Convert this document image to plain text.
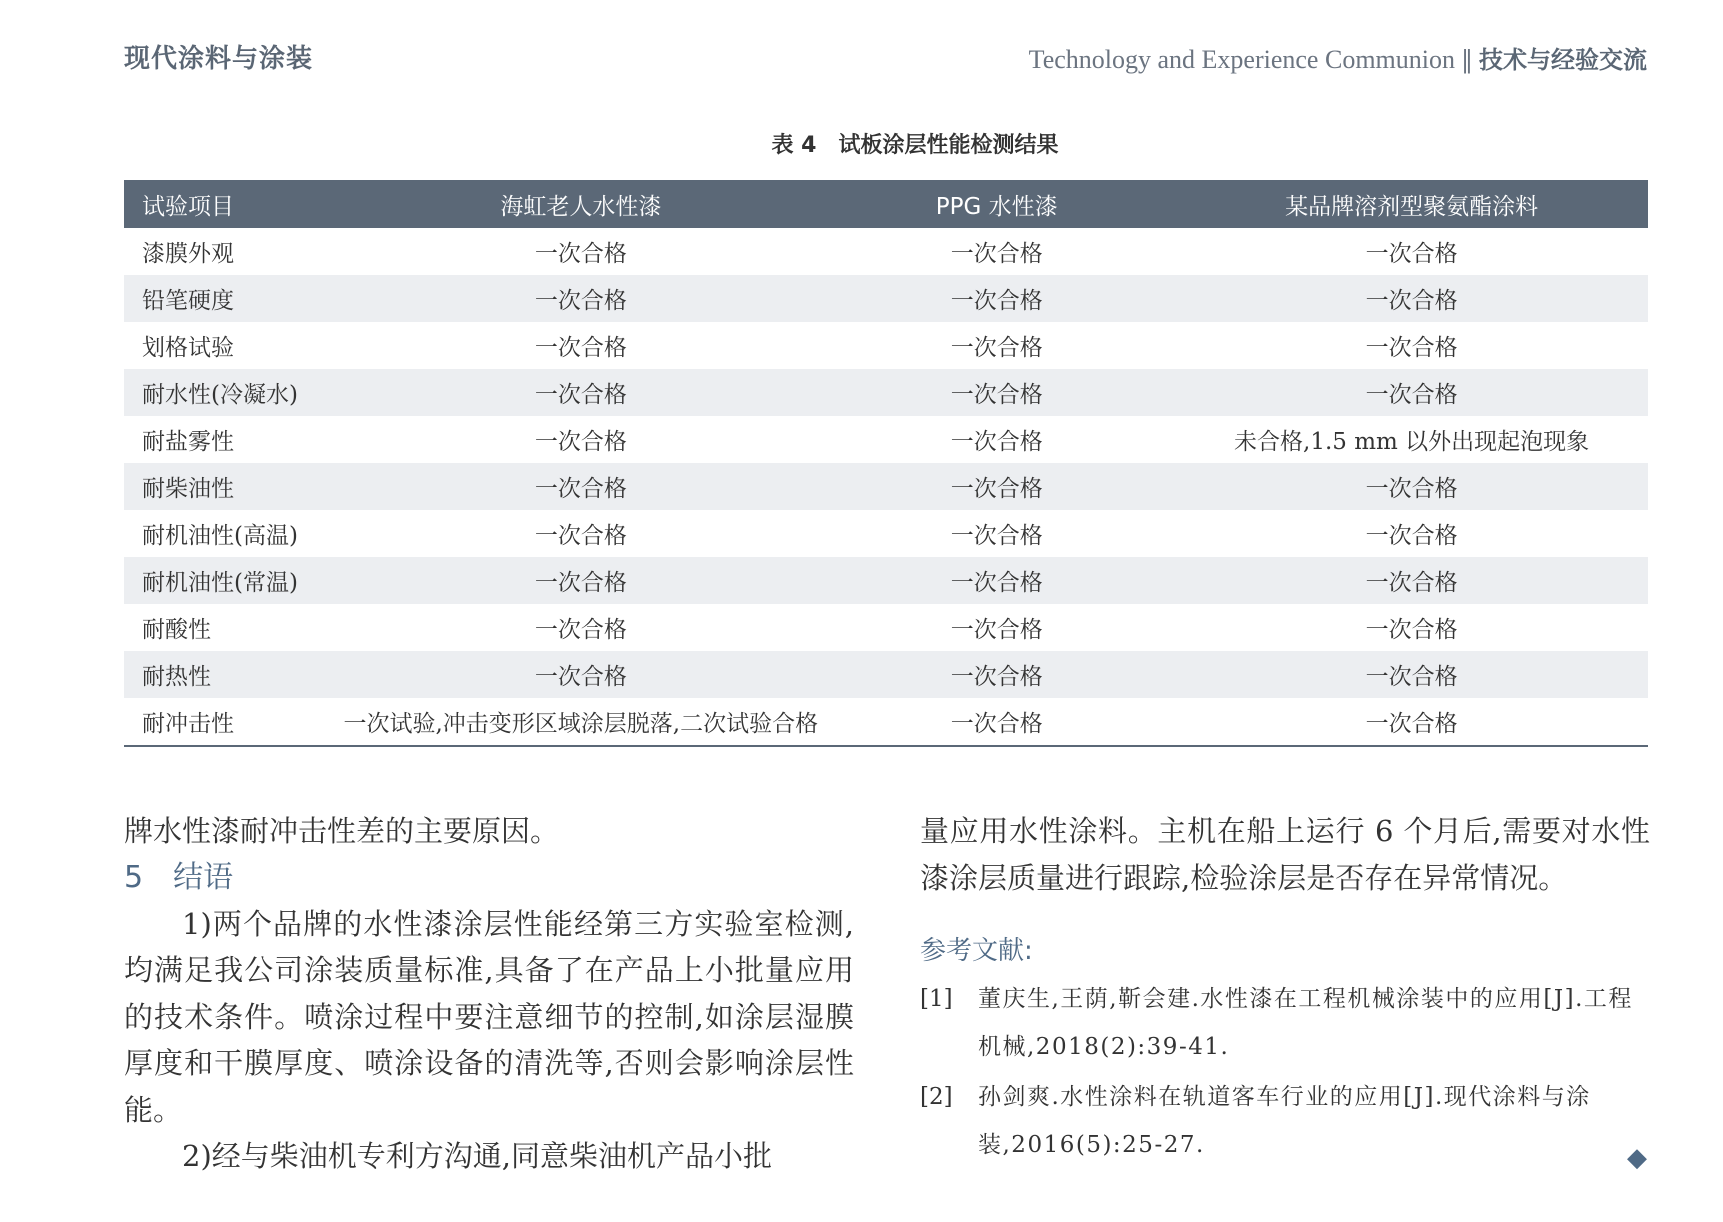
现代涂料与涂装	Technology and Experience Communion ‖ 技术与经验交流
表 4　试板涂层性能检测结果
试验项目	海虹老人水性漆	PPG 水性漆	某品牌溶剂型聚氨酯涂料
漆膜外观	一次合格	一次合格	一次合格
铅笔硬度	一次合格	一次合格	一次合格
划格试验	一次合格	一次合格	一次合格
耐水性(冷凝水)	一次合格	一次合格	一次合格
耐盐雾性	一次合格	一次合格	未合格,1.5 mm 以外出现起泡现象
耐柴油性	一次合格	一次合格	一次合格
耐机油性(高温)	一次合格	一次合格	一次合格
耐机油性(常温)	一次合格	一次合格	一次合格
耐酸性	一次合格	一次合格	一次合格
耐热性	一次合格	一次合格	一次合格
耐冲击性	一次试验,冲击变形区域涂层脱落,二次试验合格	一次合格	一次合格

牌水性漆耐冲击性差的主要原因。

5 结语

1)两个品牌的水性漆涂层性能经第三方实验室检测,均满足我公司涂装质量标准,具备了在产品上小批量应用的技术条件。喷涂过程中要注意细节的控制,如涂层湿膜厚度和干膜厚度、喷涂设备的清洗等,否则会影响涂层性能。

2)经与柴油机专利方沟通,同意柴油机产品小批

量应用水性涂料。主机在船上运行 6 个月后,需要对水性漆涂层质量进行跟踪,检验涂层是否存在异常情况。

参考文献:
[1]	董庆生,王荫,靳会建.水性漆在工程机械涂装中的应用[J].工程机械,2018(2):39-41.
[2]	孙剑爽.水性涂料在轨道客车行业的应用[J].现代涂料与涂装,2016(5):25-27.	◆
